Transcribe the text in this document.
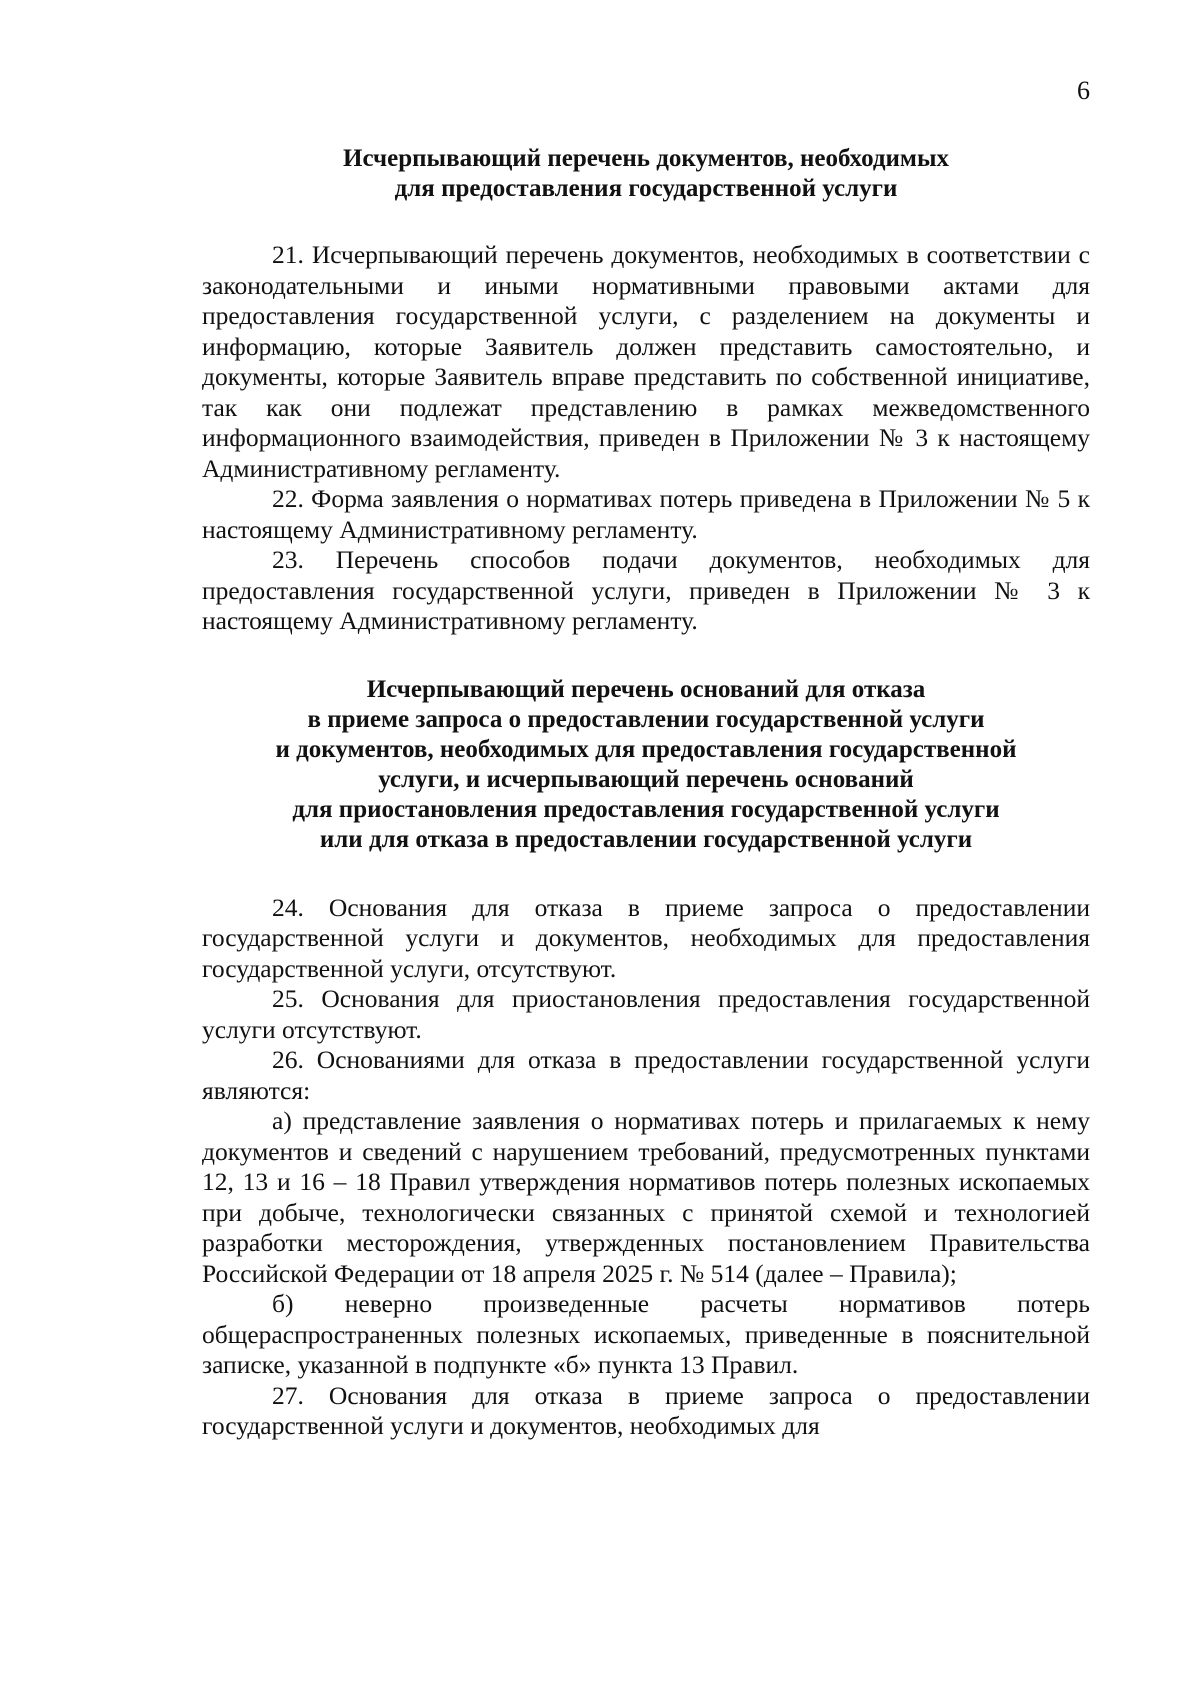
6
Исчерпывающий перечень документов, необходимых
для предоставления государственной услуги

21. Исчерпывающий перечень документов, необходимых в соответствии с законодательными и иными нормативными правовыми актами для предоставления государственной услуги, с разделением на документы и информацию, которые Заявитель должен представить самостоятельно, и документы, которые Заявитель вправе представить по собственной инициативе, так как они подлежат представлению в рамках межведомственного информационного взаимодействия, приведен в Приложении № 3 к настоящему Административному регламенту.

22. Форма заявления о нормативах потерь приведена в Приложении № 5 к настоящему Административному регламенту.

23. Перечень способов подачи документов, необходимых для предоставления государственной услуги, приведен в Приложении № 3 к настоящему Административному регламенту.

Исчерпывающий перечень оснований для отказа
в приеме запроса о предоставлении государственной услуги
и документов, необходимых для предоставления государственной
услуги, и исчерпывающий перечень оснований
для приостановления предоставления государственной услуги
или для отказа в предоставлении государственной услуги

24. Основания для отказа в приеме запроса о предоставлении государственной услуги и документов, необходимых для предоставления государственной услуги, отсутствуют.

25. Основания для приостановления предоставления государственной услуги отсутствуют.

26. Основаниями для отказа в предоставлении государственной услуги являются:

а) представление заявления о нормативах потерь и прилагаемых к нему документов и сведений с нарушением требований, предусмотренных пунктами 12, 13 и 16 – 18 Правил утверждения нормативов потерь полезных ископаемых при добыче, технологически связанных с принятой схемой и технологией разработки месторождения, утвержденных постановлением Правительства Российской Федерации от 18 апреля 2025 г. № 514 (далее – Правила);

б) неверно произведенные расчеты нормативов потерь общераспространенных полезных ископаемых, приведенные в пояснительной записке, указанной в подпункте «б» пункта 13 Правил.

27. Основания для отказа в приеме запроса о предоставлении государственной услуги и документов, необходимых для
